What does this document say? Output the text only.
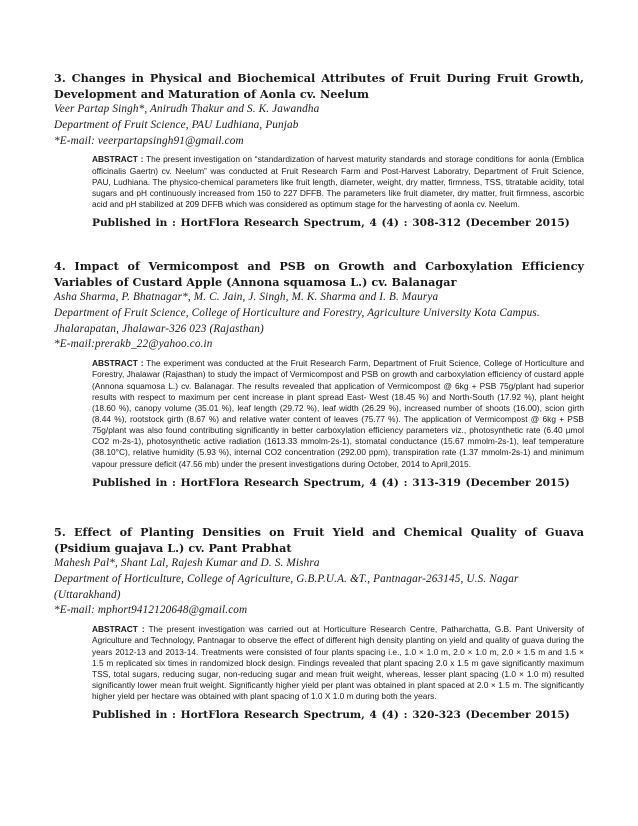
3. Changes in Physical and Biochemical Attributes of Fruit During Fruit Growth, Development and Maturation of Aonla cv. Neelum

Veer Partap Singh*, Anirudh Thakur and S. K. Jawandha

Department of Fruit Science, PAU Ludhiana, Punjab

*E-mail: veerpartapsingh91@gmail.com

ABSTRACT : The present investigation on “standardization of harvest maturity standards and storage conditions for aonla (Emblica officinalis Gaertn) cv. Neelum” was conducted at Fruit Research Farm and Post-Harvest Laboratry, Department of Fruit Science, PAU, Ludhiana. The physico-chemical parameters like fruit length, diameter, weight, dry matter, firmness, TSS, titratable acidity, total sugars and pH continuously increased from 150 to 227 DFFB. The parameters like fruit diameter, dry matter, fruit firmness, ascorbic acid and pH stabilized at 209 DFFB which was considered as optimum stage for the harvesting of aonla cv. Neelum.

Published in : HortFlora Research Spectrum, 4 (4) : 308-312 (December 2015)

4. Impact of Vermicompost and PSB on Growth and Carboxylation Efficiency Variables of Custard Apple (Annona squamosa L.) cv. Balanagar

Asha Sharma, P. Bhatnagar*, M. C. Jain, J. Singh, M. K. Sharma and I. B. Maurya

Department of Fruit Science, College of Horticulture and Forestry, Agriculture University Kota Campus. Jhalarapatan, Jhalawar-326 023 (Rajasthan)

*E-mail:prerakb_22@yahoo.co.in

ABSTRACT : The experiment was conducted at the Fruit Research Farm, Department of Fruit Science, College of Horticulture and Forestry, Jhalawar (Rajasthan) to study the impact of Vermicompost and PSB on growth and carboxylation efficiency of custard apple (Annona squamosa L.) cv. Balanagar. The results revealed that application of Vermicompost @ 6kg + PSB 75g/plant had superior results with respect to maximum per cent increase in plant spread East- West (18.45 %) and North-South (17.92 %), plant height (18.60 %), canopy volume (35.01 %), leaf length (29.72 %), leaf width (26.29 %), increased number of shoots (16.00), scion girth (8.44 %), rootstock girth (8.67 %) and relative water content of leaves (75.77 %). The application of Vermicompost @ 6kg + PSB 75g/plant was also found contributing significantly in better carboxylation efficiency parameters viz., photosynthetic rate (6.40 µmol CO2 m-2s-1), photosynthetic active radiation (1613.33 mmolm-2s-1), stomatal conductance (15.67 mmolm-2s-1), leaf temperature (38.10°C), relative humidity (5.93 %), internal CO2 concentration (292.00 ppm), transpiration rate (1.37 mmolm-2s-1) and minimum vapour pressure deficit (47.56 mb) under the present investigations during October, 2014 to April,2015.

Published in : HortFlora Research Spectrum, 4 (4) : 313-319 (December 2015)

5. Effect of Planting Densities on Fruit Yield and Chemical Quality of Guava (Psidium guajava L.) cv. Pant Prabhat

Mahesh Pal*, Shant Lal, Rajesh Kumar and D. S. Mishra

Department of Horticulture, College of Agriculture, G.B.P.U.A. &T., Pantnagar-263145, U.S. Nagar (Uttarakhand)

*E-mail: mphort9412120648@gmail.com

ABSTRACT : The present investigation was carried out at Horticulture Research Centre, Patharchatta, G.B. Pant University of Agriculture and Technology, Pantnagar to observe the effect of different high density planting on yield and quality of guava during the years 2012-13 and 2013-14. Treatments were consisted of four plants spacing i.e., 1.0 × 1.0 m, 2.0 × 1.0 m, 2.0 × 1.5 m and 1.5 × 1.5 m replicated six times in randomized block design. Findings revealed that plant spacing 2.0 x 1.5 m gave significantly maximum TSS, total sugars, reducing sugar, non-reducing sugar and mean fruit weight, whereas, lesser plant spacing (1.0 × 1.0 m) resulted significantly lower mean fruit weight. Significantly higher yield per plant was obtained in plant spaced at 2.0 × 1.5 m. The significantly higher yield per hectare was obtained with plant spacing of 1.0 X 1.0 m during both the years.

Published in : HortFlora Research Spectrum, 4 (4) : 320-323 (December 2015)
